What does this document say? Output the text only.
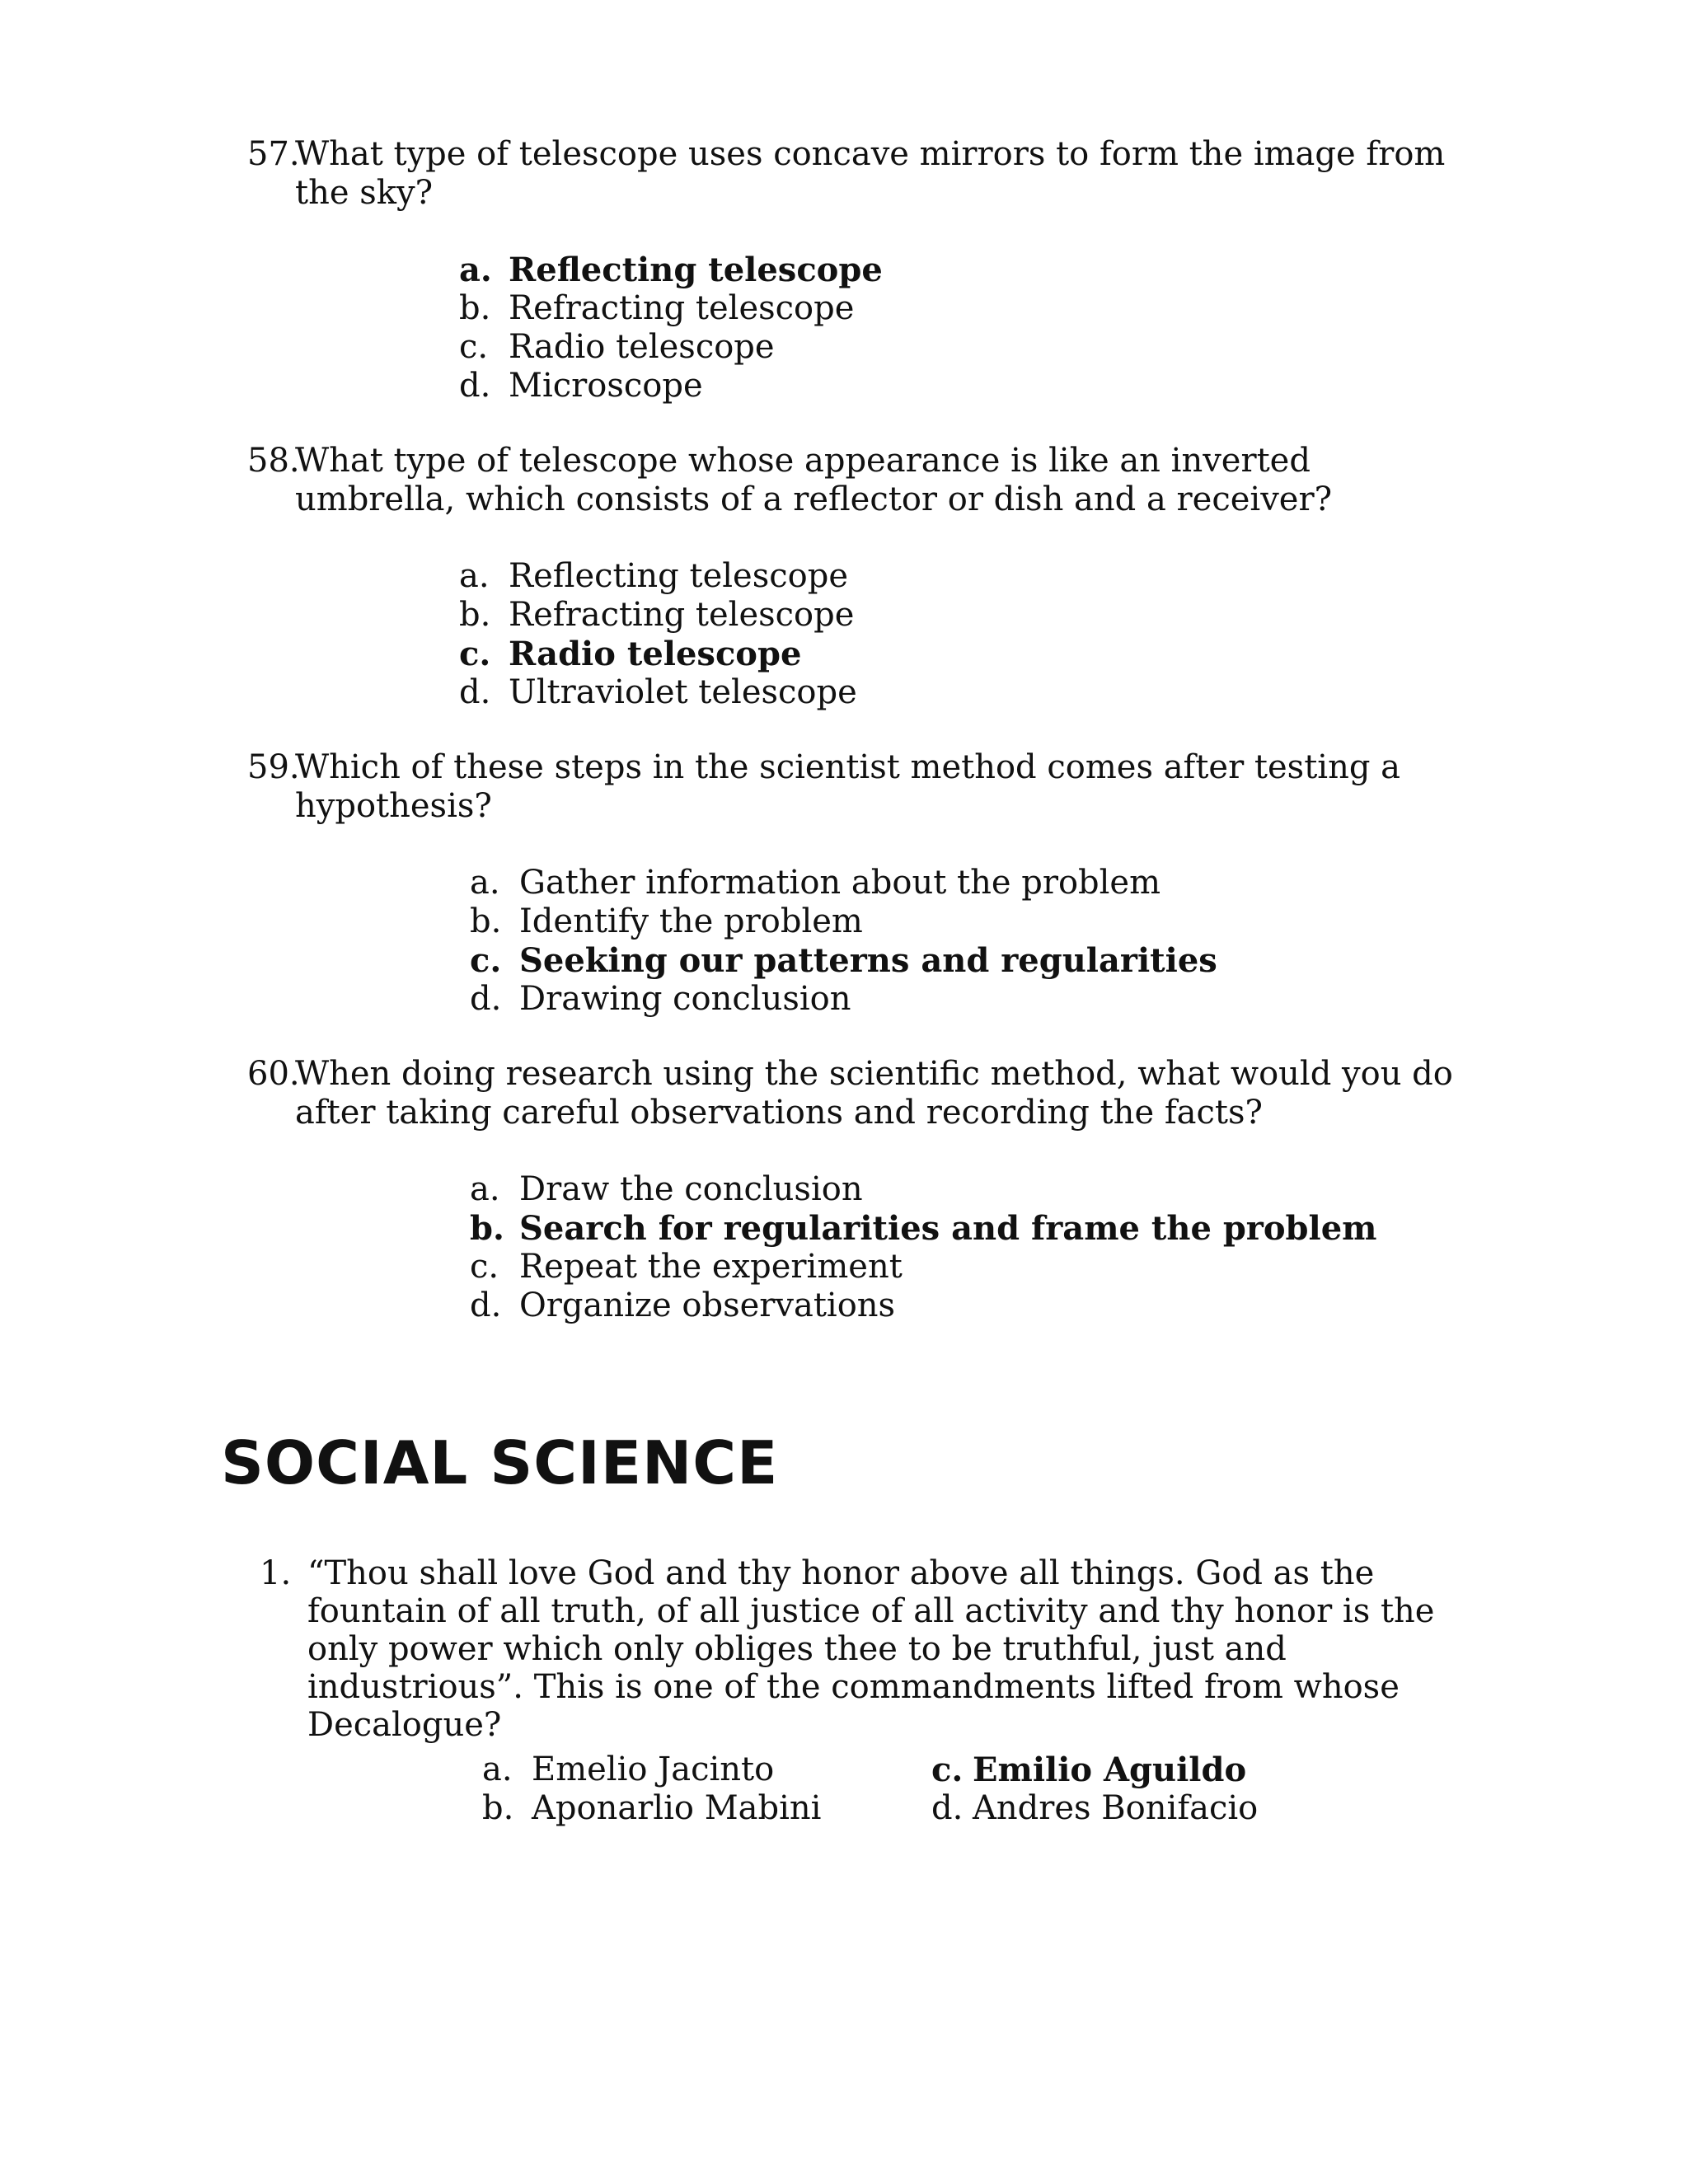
57.
What type of telescope uses concave mirrors to form the image from the sky?
a. Reflecting telescope
b. Refracting telescope
c. Radio telescope
d. Microscope
58.
What type of telescope whose appearance is like an inverted umbrella, which consists of a reflector or dish and a receiver?
a. Reflecting telescope
b. Refracting telescope
c. Radio telescope
d. Ultraviolet telescope
59.
Which of these steps in the scientist method comes after testing a hypothesis?
a. Gather information about the problem
b. Identify the problem
c. Seeking our patterns and regularities
d. Drawing conclusion
60.
When doing research using the scientific method, what would you do after taking careful observations and recording the facts?
a. Draw the conclusion
b. Search for regularities and frame the problem
c. Repeat the experiment
d. Organize observations
SOCIAL SCIENCE
1. “Thou shall love God and thy honor above all things. God as the fountain of all truth, of all justice of all activity and thy honor is the only power which only obliges thee to be truthful, just and industrious”. This is one of the commandments lifted from whose Decalogue?
a. Emelio Jacinto
b. Aponarlio Mabini
c. Emilio Aguildo
d. Andres Bonifacio
